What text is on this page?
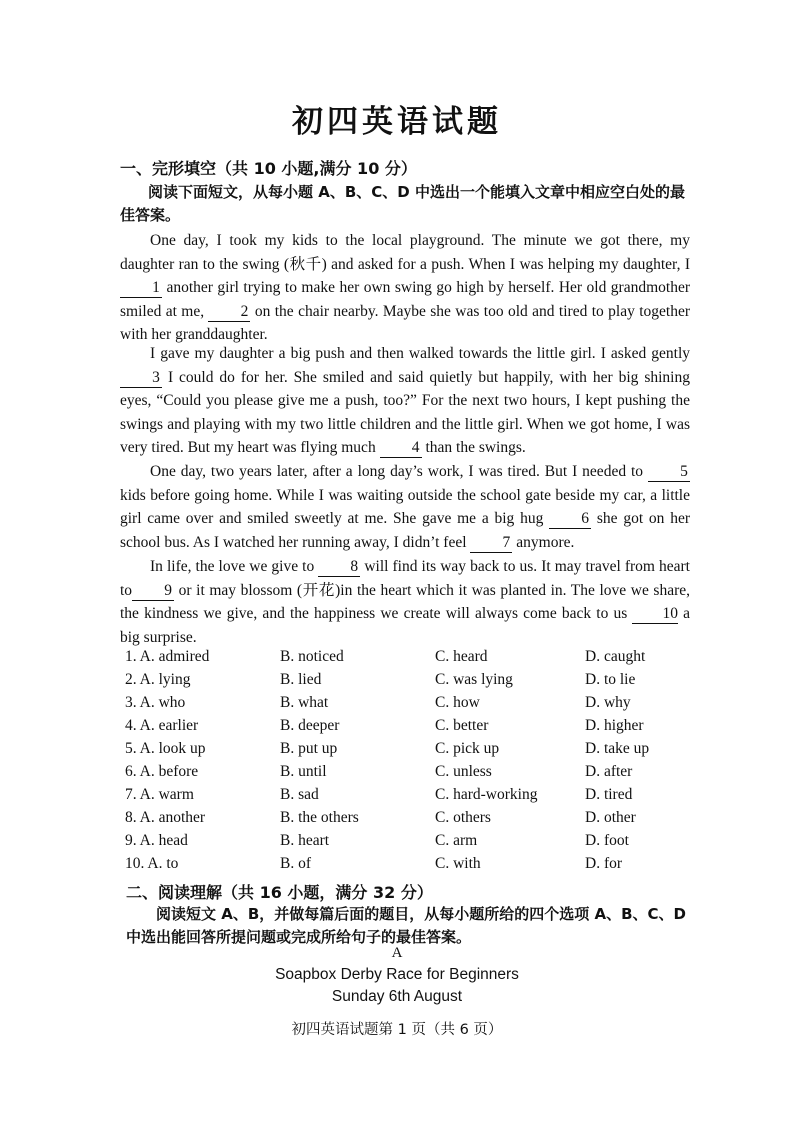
初四英语试题
一、完形填空（共 10 小题,满分 10 分）
阅读下面短文，从每小题 A、B、C、D 中选出一个能填入文章中相应空白处的最佳答案。

One day, I took my kids to the local playground. The minute we got there, my daughter ran to the swing (秋千) and asked for a push. When I was helping my daughter, I 1 another girl trying to make her own swing go high by herself. Her old grandmother smiled at me, 2 on the chair nearby. Maybe she was too old and tired to play together with her granddaughter.

I gave my daughter a big push and then walked towards the little girl. I asked gently 3 I could do for her. She smiled and said quietly but happily, with her big shining eyes, “Could you please give me a push, too?” For the next two hours, I kept pushing the swings and playing with my two little children and the little girl. When we got home, I was very tired. But my heart was flying much 4 than the swings.

One day, two years later, after a long day’s work, I was tired. But I needed to 5 kids before going home. While I was waiting outside the school gate beside my car, a little girl came over and smiled sweetly at me. She gave me a big hug 6 she got on her school bus. As I watched her running away, I didn’t feel 7 anymore.

In life, the love we give to 8 will find its way back to us. It may travel from heart to 9 or it may blossom (开花)in the heart which it was planted in. The love we share, the kindness we give, and the happiness we create will always come back to us 10 a big surprise.

1. A. admired	B. noticed	C. heard	D. caught
2. A. lying	B. lied	C. was lying	D. to lie
3. A. who	B. what	C. how	D. why
4. A. earlier	B. deeper	C. better	D. higher
5. A. look up	B. put up	C. pick up	D. take up
6. A. before	B. until	C. unless	D. after
7. A. warm	B. sad	C. hard-working	D. tired
8. A. another	B. the others	C. others	D. other
9. A. head	B. heart	C. arm	D. foot
10. A. to	B. of	C. with	D. for
二、阅读理解（共 16 小题，满分 32 分）
阅读短文 A、B，并做每篇后面的题目，从每小题所给的四个选项 A、B、C、D 中选出能回答所提问题或完成所给句子的最佳答案。
A
Soapbox Derby Race for Beginners
Sunday 6th August
初四英语试题第 1 页（共 6 页）
